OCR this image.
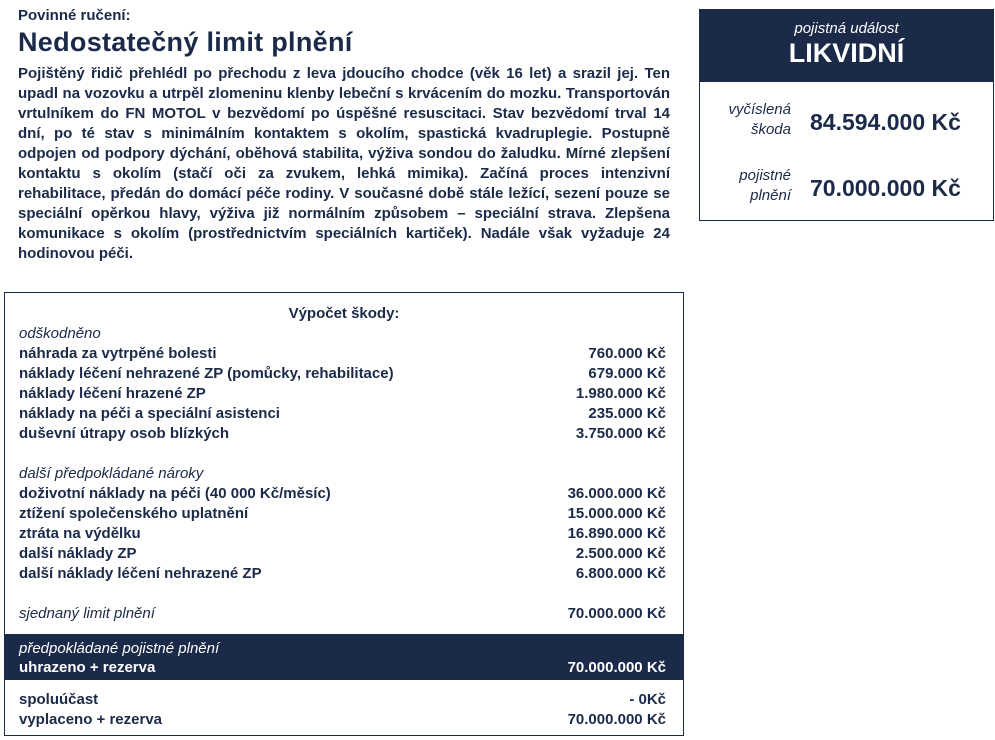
Povinné ručení:
Nedostatečný limit plnění

Pojištěný řidič přehlédl po přechodu z leva jdoucího chodce (věk 16 let) a srazil jej. Ten upadl na vozovku a utrpěl zlomeninu klenby lebeční s krvácením do mozku. Transportován vrtulníkem do FN MOTOL v bezvědomí po úspěšné resuscitaci. Stav bezvědomí trval 14 dní, po té stav s minimálním kontaktem s okolím, spastická kvadruplegie. Postupně odpojen od podpory dýchání, oběhová stabilita, výživa sondou do žaludku. Mírné zlepšení kontaktu s okolím (stačí oči za zvukem, lehká mimika). Začíná proces intenzivní rehabilitace, předán do domácí péče rodiny. V současné době stále ležící, sezení pouze se speciální opěrkou hlavy, výživa již normálním způsobem – speciální strava. Zlepšena komunikace s okolím (prostřednictvím speciálních kartiček). Nadále však vyžaduje 24 hodinovou péči.

pojistná událost
LIKVIDNÍ
vyčíslená škoda 84.594.000 Kč
pojistné plnění 70.000.000 Kč
Výpočet škody:
odškodněno
náhrada za vytrpěné bolesti	760.000 Kč
náklady léčení nehrazené ZP (pomůcky, rehabilitace)	679.000 Kč
náklady léčení hrazené ZP	1.980.000 Kč
náklady na péči a speciální asistenci	235.000 Kč
duševní útrapy osob blízkých	3.750.000 Kč
další předpokládané nároky
doživotní náklady na péči (40 000 Kč/měsíc)	36.000.000 Kč
ztížení společenského uplatnění	15.000.000 Kč
ztráta na výdělku	16.890.000 Kč
další náklady ZP	2.500.000 Kč
další náklady léčení nehrazené ZP	6.800.000 Kč
sjednaný limit plnění	70.000.000 Kč
předpokládané pojistné plnění
uhrazeno + rezerva	70.000.000 Kč
spoluúčast	- 0Kč
vyplaceno + rezerva	70.000.000 Kč
